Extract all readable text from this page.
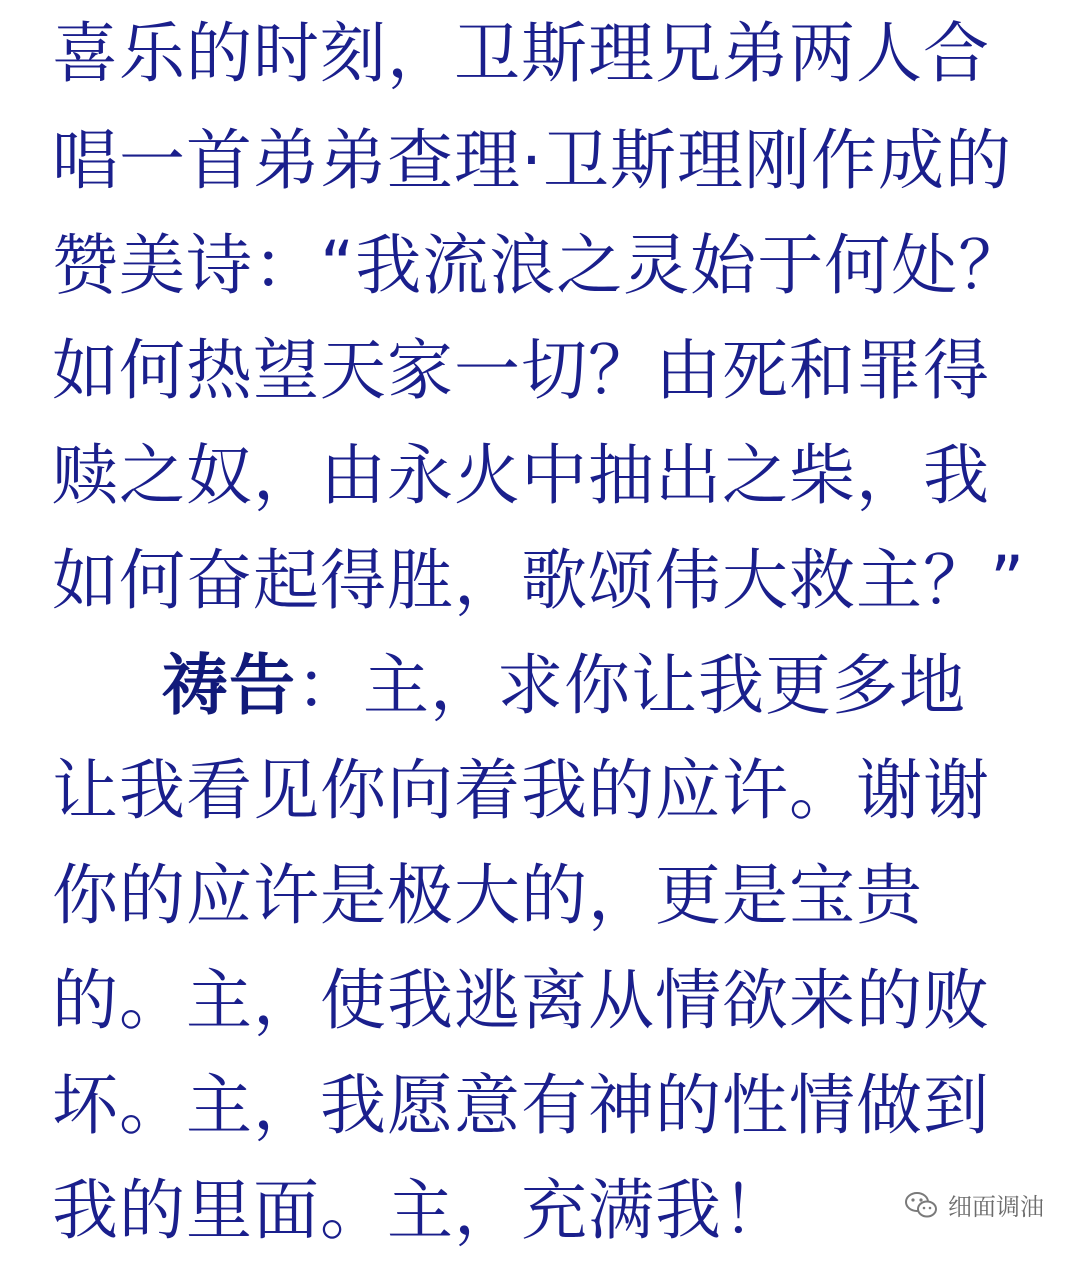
喜乐的时刻，卫斯理兄弟两人合
唱一首弟弟查理·卫斯理刚作成的
赞美诗：“我流浪之灵始于何处？
如何热望天家一切？由死和罪得
赎之奴，由永火中抽出之柴，我
如何奋起得胜，歌颂伟大救主？”
祷告：主，求你让我更多地
让我看见你向着我的应许。谢谢
你的应许是极大的，更是宝贵
的。主，使我逃离从情欲来的败
坏。主，我愿意有神的性情做到
我的里面。主，充满我！	细面调油
